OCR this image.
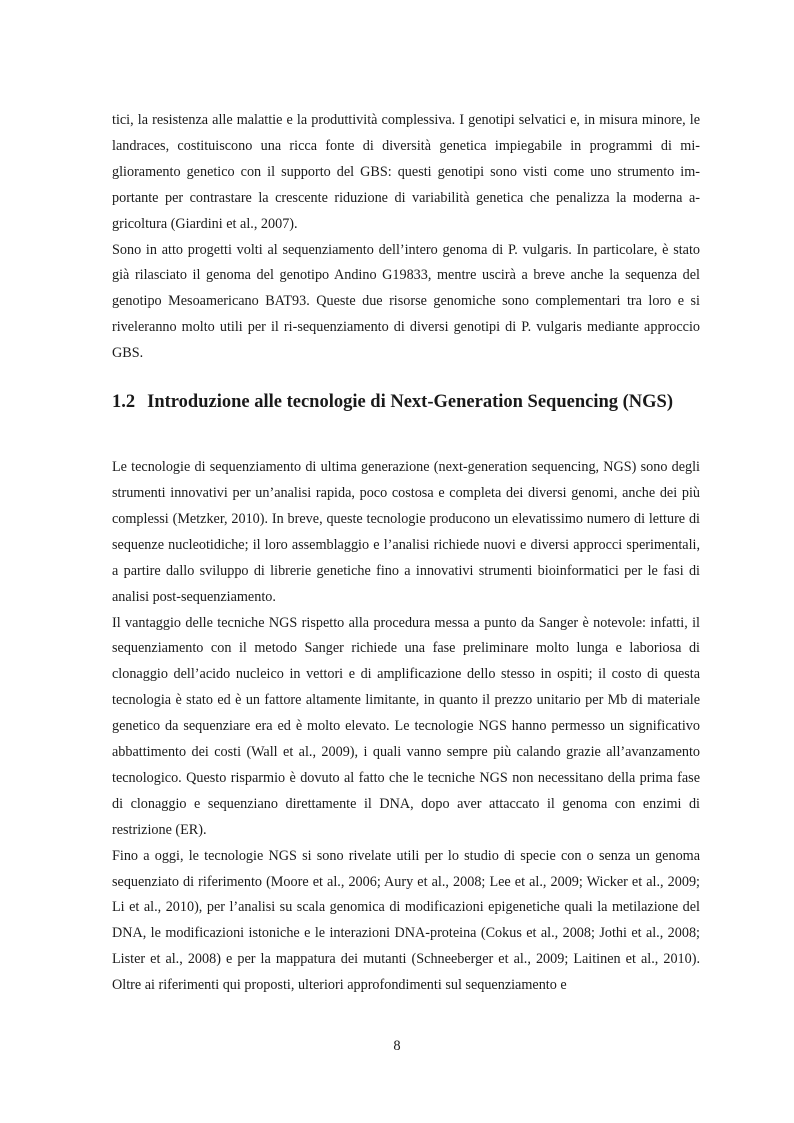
tici, la resistenza alle malattie e la produttività complessiva. I genotipi selvatici e, in misura minore, le landraces, costituiscono una ricca fonte di diversità genetica impiegabile in programmi di miglioramento genetico con il supporto del GBS: questi genotipi sono visti come uno strumento importante per contrastare la crescente riduzione di variabilità genetica che penalizza la moderna agricoltura (Giardini et al., 2007).

Sono in atto progetti volti al sequenziamento dell’intero genoma di P. vulgaris. In particolare, è stato già rilasciato il genoma del genotipo Andino G19833, mentre uscirà a breve anche la sequenza del genotipo Mesoamericano BAT93. Queste due risorse genomiche sono complementari tra loro e si riveleranno molto utili per il ri-sequenziamento di diversi genotipi di P. vulgaris mediante approccio GBS.

1.2 Introduzione alle tecnologie di Next-Generation Sequencing (NGS)

Le tecnologie di sequenziamento di ultima generazione (next-generation sequencing, NGS) sono degli strumenti innovativi per un’analisi rapida, poco costosa e completa dei diversi genomi, anche dei più complessi (Metzker, 2010). In breve, queste tecnologie producono un elevatissimo numero di letture di sequenze nucleotidiche; il loro assemblaggio e l’analisi richiede nuovi e diversi approcci sperimentali, a partire dallo sviluppo di librerie genetiche fino a innovativi strumenti bioinformatici per le fasi di analisi post-sequenziamento.

Il vantaggio delle tecniche NGS rispetto alla procedura messa a punto da Sanger è notevole: infatti, il sequenziamento con il metodo Sanger richiede una fase preliminare molto lunga e laboriosa di clonaggio dell’acido nucleico in vettori e di amplificazione dello stesso in ospiti; il costo di questa tecnologia è stato ed è un fattore altamente limitante, in quanto il prezzo unitario per Mb di materiale genetico da sequenziare era ed è molto elevato. Le tecnologie NGS hanno permesso un significativo abbattimento dei costi (Wall et al., 2009), i quali vanno sempre più calando grazie all’avanzamento tecnologico. Questo risparmio è dovuto al fatto che le tecniche NGS non necessitano della prima fase di clonaggio e sequenziano direttamente il DNA, dopo aver attaccato il genoma con enzimi di restrizione (ER).

Fino a oggi, le tecnologie NGS si sono rivelate utili per lo studio di specie con o senza un genoma sequenziato di riferimento (Moore et al., 2006; Aury et al., 2008; Lee et al., 2009; Wicker et al., 2009; Li et al., 2010), per l’analisi su scala genomica di modificazioni epigenetiche quali la metilazione del DNA, le modificazioni istoniche e le interazioni DNA-proteina (Cokus et al., 2008; Jothi et al., 2008; Lister et al., 2008) e per la mappatura dei mutanti (Schneeberger et al., 2009; Laitinen et al., 2010). Oltre ai riferimenti qui proposti, ulteriori approfondimenti sul sequenziamento e

8
